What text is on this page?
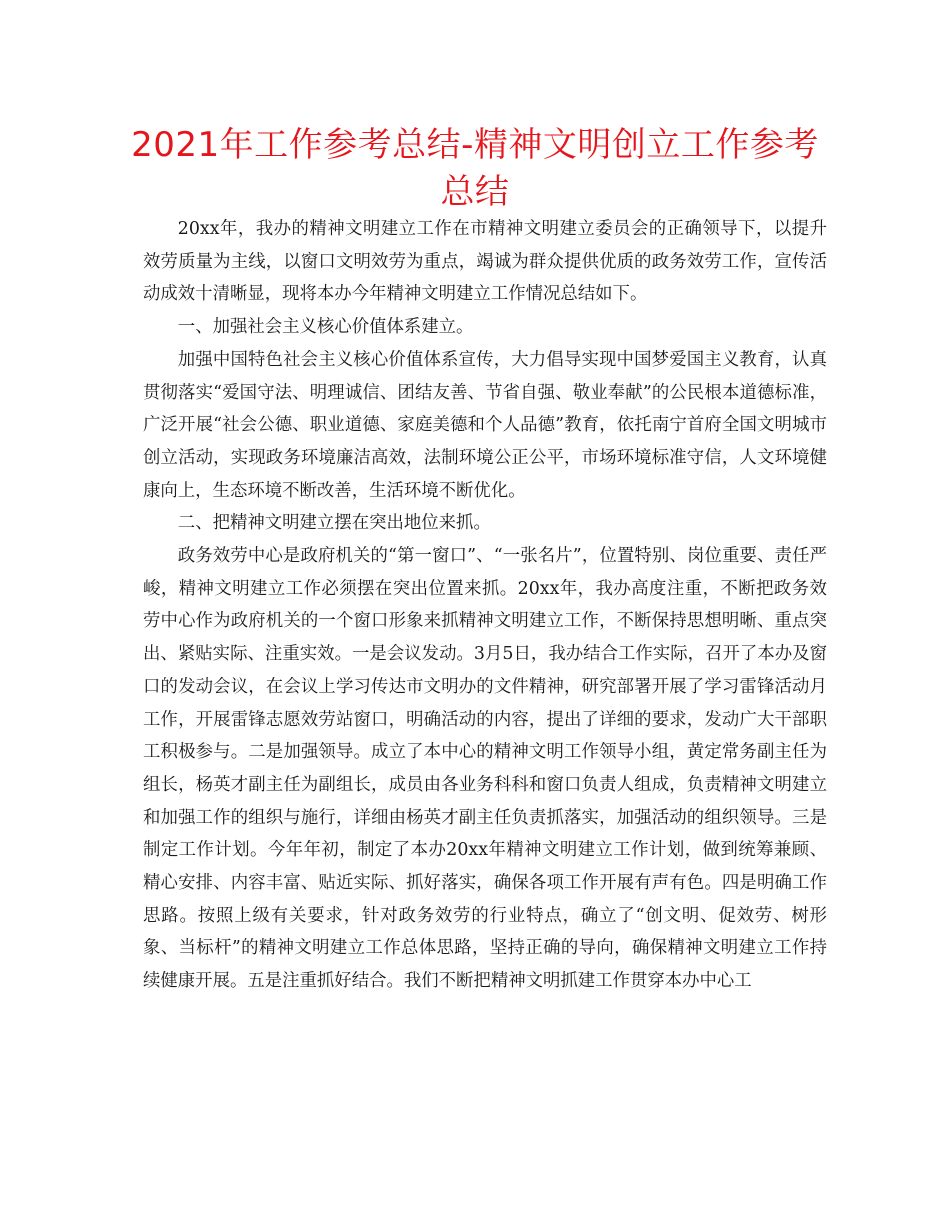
2021年工作参考总结-精神文明创立工作参考总结

20xx年，我办的精神文明建立工作在市精神文明建立委员会的正确领导下，以提升效劳质量为主线，以窗口文明效劳为重点，竭诚为群众提供优质的政务效劳工作，宣传活动成效十清晰显，现将本办今年精神文明建立工作情况总结如下。

一、加强社会主义核心价值体系建立。

加强中国特色社会主义核心价值体系宣传，大力倡导实现中国梦爱国主义教育，认真贯彻落实“爱国守法、明理诚信、团结友善、节省自强、敬业奉献”的公民根本道德标准，广泛开展“社会公德、职业道德、家庭美德和个人品德”教育，依托南宁首府全国文明城市创立活动，实现政务环境廉洁高效，法制环境公正公平，市场环境标准守信，人文环境健康向上，生态环境不断改善，生活环境不断优化。

二、把精神文明建立摆在突出地位来抓。

政务效劳中心是政府机关的“第一窗口”、“一张名片”，位置特别、岗位重要、责任严峻，精神文明建立工作必须摆在突出位置来抓。20xx年，我办高度注重，不断把政务效劳中心作为政府机关的一个窗口形象来抓精神文明建立工作，不断保持思想明晰、重点突出、紧贴实际、注重实效。一是会议发动。3月5日，我办结合工作实际，召开了本办及窗口的发动会议，在会议上学习传达市文明办的文件精神，研究部署开展了学习雷锋活动月工作，开展雷锋志愿效劳站窗口，明确活动的内容，提出了详细的要求，发动广大干部职工积极参与。二是加强领导。成立了本中心的精神文明工作领导小组，黄定常务副主任为组长，杨英才副主任为副组长，成员由各业务科科和窗口负责人组成，负责精神文明建立和加强工作的组织与施行，详细由杨英才副主任负责抓落实，加强活动的组织领导。三是制定工作计划。今年年初，制定了本办20xx年精神文明建立工作计划，做到统筹兼顾、精心安排、内容丰富、贴近实际、抓好落实，确保各项工作开展有声有色。四是明确工作思路。按照上级有关要求，针对政务效劳的行业特点，确立了“创文明、促效劳、树形象、当标杆”的精神文明建立工作总体思路，坚持正确的导向，确保精神文明建立工作持续健康开展。五是注重抓好结合。我们不断把精神文明抓建工作贯穿本办中心工
